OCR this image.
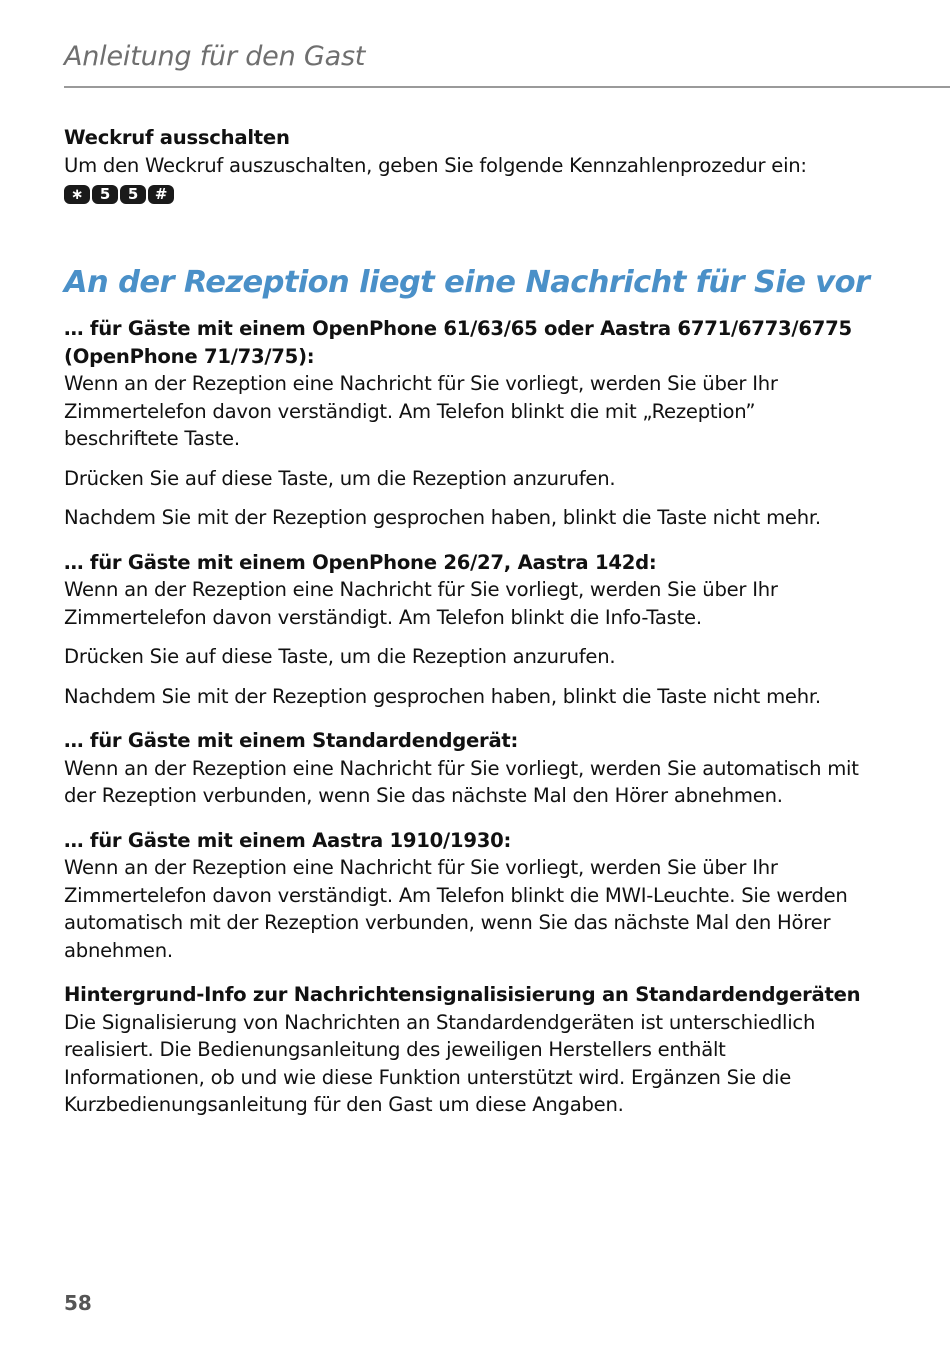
Anleitung für den Gast

Weckruf ausschalten

Um den Weckruf auszuschalten, geben Sie folgende Kennzahlenprozedur ein:

∗	5	5	#
An der Rezeption liegt eine Nachricht für Sie vor

… für Gäste mit einem OpenPhone 61/63/65 oder Aastra 6771/6773/6775 (OpenPhone 71/73/75):

Wenn an der Rezeption eine Nachricht für Sie vorliegt, werden Sie über Ihr Zimmertelefon davon verständigt. Am Telefon blinkt die mit „Rezeption” beschriftete Taste.

Drücken Sie auf diese Taste, um die Rezeption anzurufen.

Nachdem Sie mit der Rezeption gesprochen haben, blinkt die Taste nicht mehr.

… für Gäste mit einem OpenPhone 26/27, Aastra 142d:

Wenn an der Rezeption eine Nachricht für Sie vorliegt, werden Sie über Ihr Zimmertelefon davon verständigt. Am Telefon blinkt die Info-Taste.

Drücken Sie auf diese Taste, um die Rezeption anzurufen.

Nachdem Sie mit der Rezeption gesprochen haben, blinkt die Taste nicht mehr.

… für Gäste mit einem Standardendgerät:

Wenn an der Rezeption eine Nachricht für Sie vorliegt, werden Sie automatisch mit der Rezeption verbunden, wenn Sie das nächste Mal den Hörer abnehmen.

… für Gäste mit einem Aastra 1910/1930:

Wenn an der Rezeption eine Nachricht für Sie vorliegt, werden Sie über Ihr Zimmertelefon davon verständigt. Am Telefon blinkt die MWI-Leuchte. Sie werden automatisch mit der Rezeption verbunden, wenn Sie das nächste Mal den Hörer abnehmen.

Hintergrund-Info zur Nachrichtensignalisisierung an Standardendgeräten

Die Signalisierung von Nachrichten an Standardendgeräten ist unterschiedlich realisiert. Die Bedienungsanleitung des jeweiligen Herstellers enthält Informationen, ob und wie diese Funktion unterstützt wird. Ergänzen Sie die Kurzbedienungsanleitung für den Gast um diese Angaben.

58
